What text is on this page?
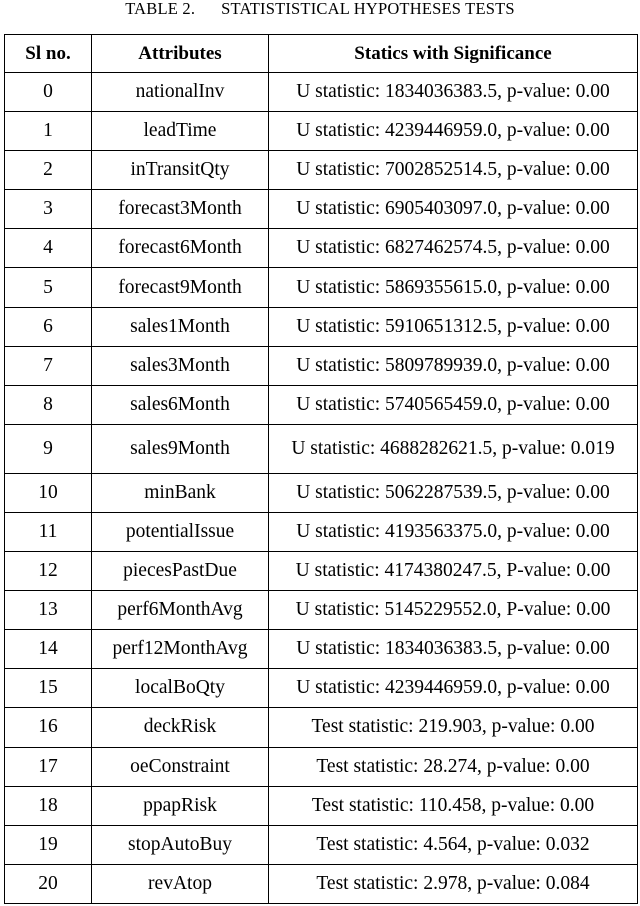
TABLE 2.      STATISTISTICAL HYPOTHESES TESTS
Sl no.	Attributes	Statics with Significance
0	nationalInv	U statistic: 1834036383.5, p-value: 0.00
1	leadTime	U statistic: 4239446959.0, p-value: 0.00
2	inTransitQty	U statistic: 7002852514.5, p-value: 0.00
3	forecast3Month	U statistic: 6905403097.0, p-value: 0.00
4	forecast6Month	U statistic: 6827462574.5, p-value: 0.00
5	forecast9Month	U statistic: 5869355615.0, p-value: 0.00
6	sales1Month	U statistic: 5910651312.5, p-value: 0.00
7	sales3Month	U statistic: 5809789939.0, p-value: 0.00
8	sales6Month	U statistic: 5740565459.0, p-value: 0.00
9	sales9Month	U statistic: 4688282621.5, p-value: 0.019
10	minBank	U statistic: 5062287539.5, p-value: 0.00
11	potentialIssue	U statistic: 4193563375.0, p-value: 0.00
12	piecesPastDue	U statistic: 4174380247.5, P-value: 0.00
13	perf6MonthAvg	U statistic: 5145229552.0, P-value: 0.00
14	perf12MonthAvg	U statistic: 1834036383.5, p-value: 0.00
15	localBoQty	U statistic: 4239446959.0, p-value: 0.00
16	deckRisk	Test statistic: 219.903, p-value: 0.00
17	oeConstraint	Test statistic: 28.274, p-value: 0.00
18	ppapRisk	Test statistic: 110.458, p-value: 0.00
19	stopAutoBuy	Test statistic: 4.564, p-value: 0.032
20	revAtop	Test statistic: 2.978, p-value: 0.084
